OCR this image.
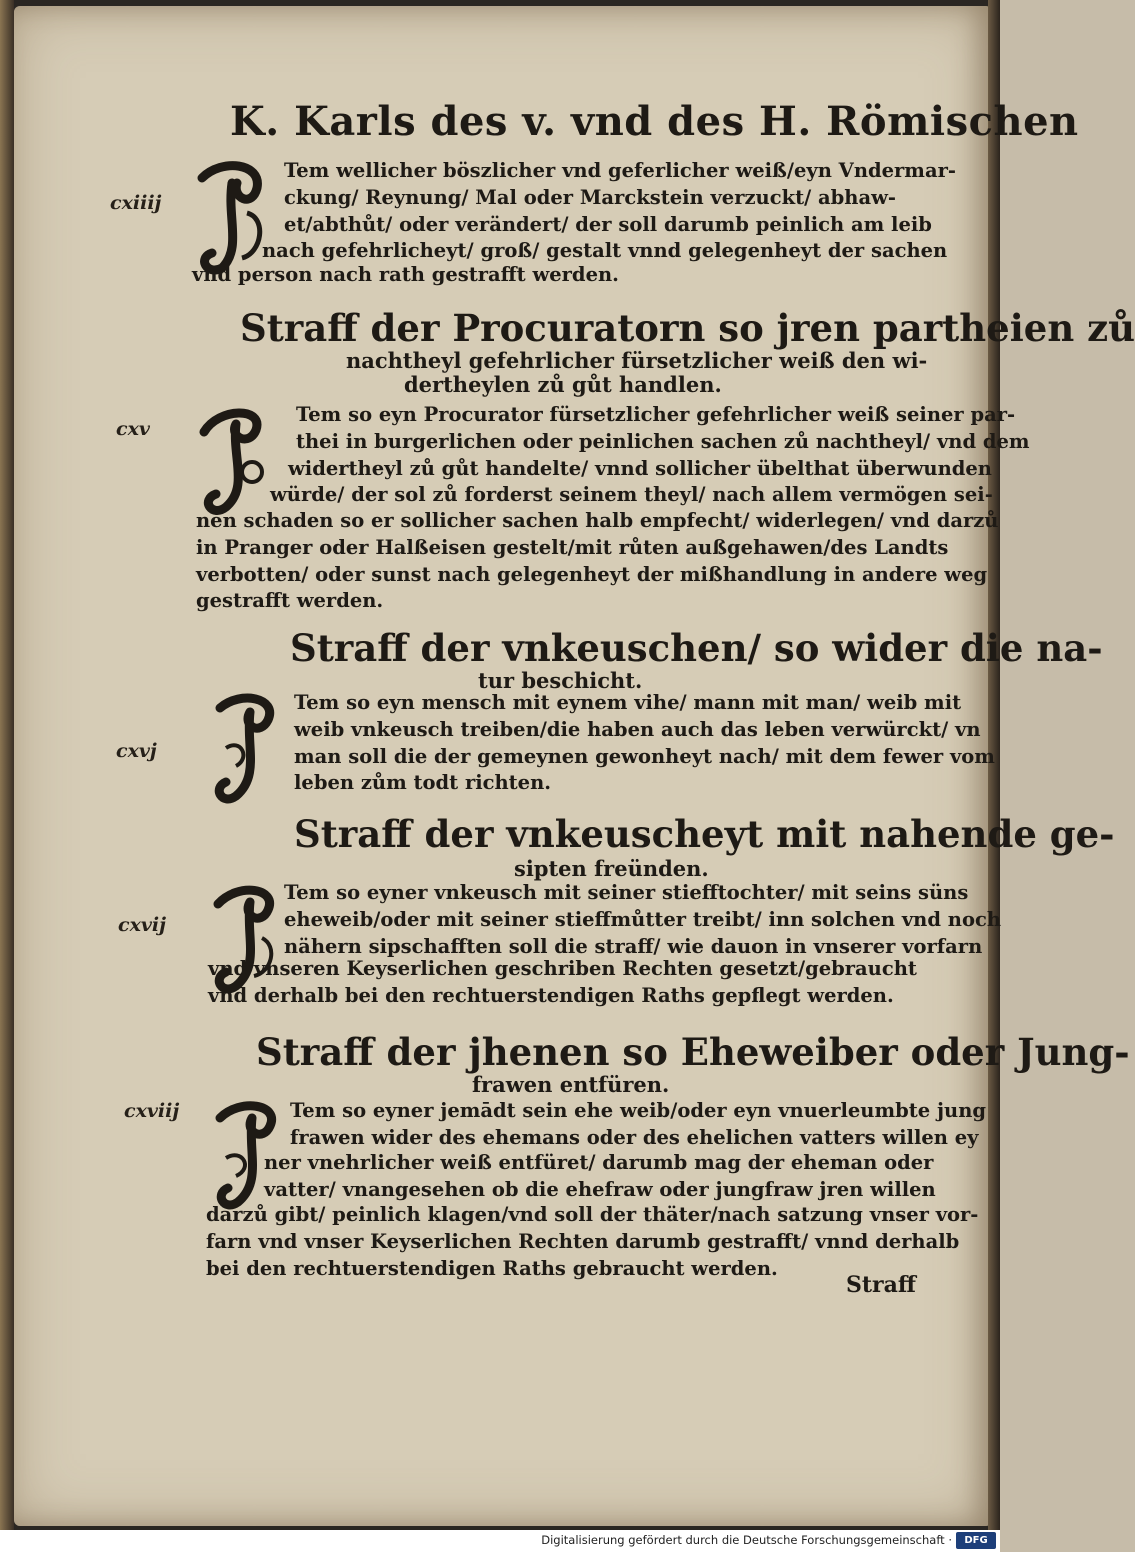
K. Karls des v. vnd des H. Römischen
cxiiij
Tem wellicher böszlicher vnd geferlicher weiß/eyn Vndermar-
ckung/ Reynung/ Mal oder Marckstein verzuckt/ abhaw-
et/abthůt/ oder verändert/ der soll darumb peinlich am leib
nach gefehrlicheyt/ groß/ gestalt vnnd gelegenheyt der sachen
vnd person nach rath gestrafft werden.
Straff der Procuratorn so jren partheien zů
nachtheyl gefehrlicher fürsetzlicher weiß den wi-
dertheylen zů gůt handlen.
cxv
Tem so eyn Procurator fürsetzlicher gefehrlicher weiß seiner par-
thei in burgerlichen oder peinlichen sachen zů nachtheyl/ vnd dem
widertheyl zů gůt handelte/ vnnd sollicher übelthat überwunden
würde/ der sol zů forderst seinem theyl/ nach allem vermögen sei-
nen schaden so er sollicher sachen halb empfecht/ widerlegen/ vnd darzů
in Pranger oder Halßeisen gestelt/mit růten außgehawen/des Landts
verbotten/ oder sunst nach gelegenheyt der mißhandlung in andere weg
gestrafft werden.
Straff der vnkeuschen/ so wider die na-
tur beschicht.
cxvj
Tem so eyn mensch mit eynem vihe/ mann mit man/ weib mit
weib vnkeusch treiben/die haben auch das leben verwürckt/ vn
man soll die der gemeynen gewonheyt nach/ mit dem fewer vom
leben zům todt richten.
Straff der vnkeuscheyt mit nahende ge-
sipten freünden.
cxvij
Tem so eyner vnkeusch mit seiner stiefftochter/ mit seins süns
eheweib/oder mit seiner stieffmůtter treibt/ inn solchen vnd noch
nähern sipschafften soll die straff/ wie dauon in vnserer vorfarn
vnd vnseren Keyserlichen geschriben Rechten gesetzt/gebraucht
vnd derhalb bei den rechtuerstendigen Raths gepflegt werden.
Straff der jhenen so Eheweiber oder Jung-
frawen entfüren.
cxviij	Tem so eyner jemādt sein ehe weib/oder eyn vnuerleumbte jung
frawen wider des ehemans oder des ehelichen vatters willen ey
ner vnehrlicher weiß entfüret/ darumb mag der eheman oder
vatter/ vnangesehen ob die ehefraw oder jungfraw jren willen
darzů gibt/ peinlich klagen/vnd soll der thäter/nach satzung vnser vor-
farn vnd vnser Keyserlichen Rechten darumb gestrafft/ vnnd derhalb
bei den rechtuerstendigen Raths gebraucht werden.
Straff
Digitalisierung gefördert durch die Deutsche Forschungsgemeinschaft ·	DFG
